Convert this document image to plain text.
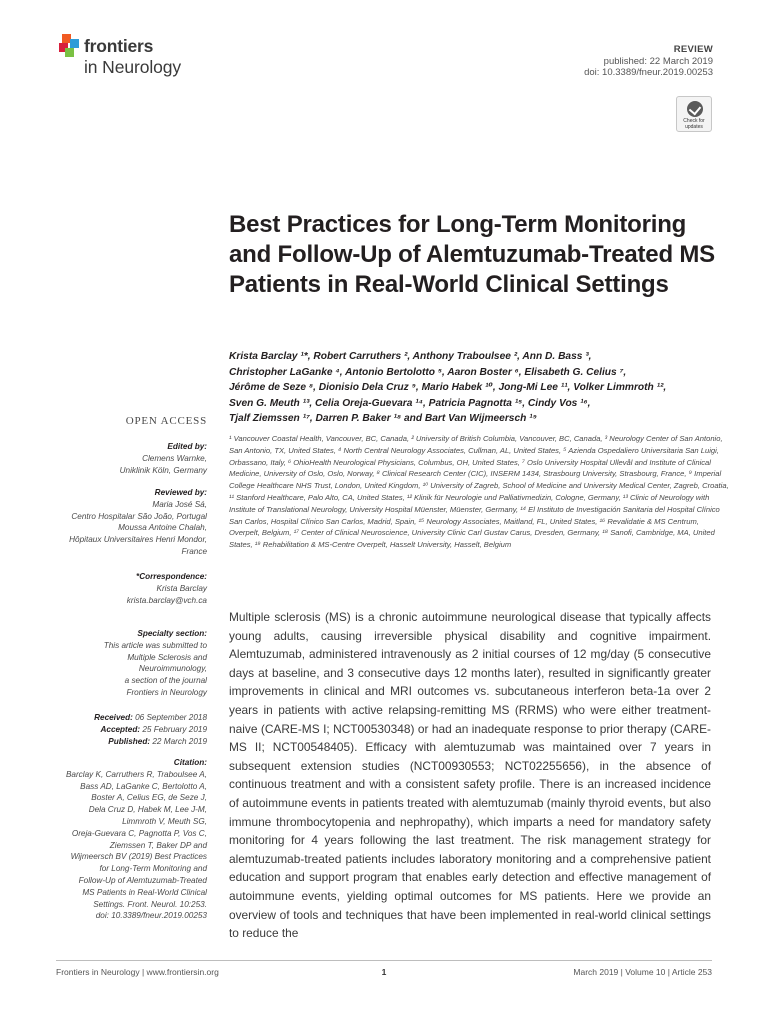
frontiers
in Neurology
REVIEW
published: 22 March 2019
doi: 10.3389/fneur.2019.00253
Check for updates
Best Practices for Long-Term Monitoring and Follow-Up of Alemtuzumab-Treated MS Patients in Real-World Clinical Settings
Krista Barclay ¹*, Robert Carruthers ², Anthony Traboulsee ², Ann D. Bass ³,
Christopher LaGanke ⁴, Antonio Bertolotto ⁵, Aaron Boster ⁶, Elisabeth G. Celius ⁷,
Jérôme de Seze ⁸, Dionisio Dela Cruz ⁹, Mario Habek ¹⁰, Jong-Mi Lee ¹¹, Volker Limmroth ¹²,
Sven G. Meuth ¹³, Celia Oreja-Guevara ¹⁴, Patricia Pagnotta ¹⁵, Cindy Vos ¹⁶,
Tjalf Ziemssen ¹⁷, Darren P. Baker ¹⁸ and Bart Van Wijmeersch ¹⁹
¹ Vancouver Coastal Health, Vancouver, BC, Canada, ² University of British Columbia, Vancouver, BC, Canada, ³ Neurology Center of San Antonio, San Antonio, TX, United States, ⁴ North Central Neurology Associates, Cullman, AL, United States, ⁵ Azienda Ospedaliero Universitaria San Luigi, Orbassano, Italy, ⁶ OhioHealth Neurological Physicians, Columbus, OH, United States, ⁷ Oslo University Hospital Ullevål and Institute of Clinical Medicine, University of Oslo, Oslo, Norway, ⁸ Clinical Research Center (CIC), INSERM 1434, Strasbourg University, Strasbourg, France, ⁹ Imperial College Healthcare NHS Trust, London, United Kingdom, ¹⁰ University of Zagreb, School of Medicine and University Medical Center, Zagreb, Croatia, ¹¹ Stanford Healthcare, Palo Alto, CA, United States, ¹² Klinik für Neurologie und Palliativmedizin, Cologne, Germany, ¹³ Clinic of Neurology with Institute of Translational Neurology, University Hospital Müenster, Müenster, Germany, ¹⁴ El Instituto de Investigación Sanitaria del Hospital Clínico San Carlos, Hospital Clínico San Carlos, Madrid, Spain, ¹⁵ Neurology Associates, Maitland, FL, United States, ¹⁶ Revalidatie & MS Centrum, Overpelt, Belgium, ¹⁷ Center of Clinical Neuroscience, University Clinic Carl Gustav Carus, Dresden, Germany, ¹⁸ Sanofi, Cambridge, MA, United States, ¹⁹ Rehabilitation & MS-Centre Overpelt, Hasselt University, Hasselt, Belgium
OPEN ACCESS
Edited by:
Clemens Warnke,
Uniklinik Köln, Germany
Reviewed by:
Maria José Sá,
Centro Hospitalar São João, Portugal
Moussa Antoine Chalah,
Hôpitaux Universitaires Henri Mondor,
France
*Correspondence:
Krista Barclay
krista.barclay@vch.ca
Specialty section:
This article was submitted to
Multiple Sclerosis and
Neuroimmunology,
a section of the journal
Frontiers in Neurology
Received: 06 September 2018
Accepted: 25 February 2019
Published: 22 March 2019
Citation:
Barclay K, Carruthers R, Traboulsee A,
Bass AD, LaGanke C, Bertolotto A,
Boster A, Celius EG, de Seze J,
Dela Cruz D, Habek M, Lee J-M,
Limmroth V, Meuth SG,
Oreja-Guevara C, Pagnotta P, Vos C,
Ziemssen T, Baker DP and
Wijmeersch BV (2019) Best Practices
for Long-Term Monitoring and
Follow-Up of Alemtuzumab-Treated
MS Patients in Real-World Clinical
Settings. Front. Neurol. 10:253.
doi: 10.3389/fneur.2019.00253

Multiple sclerosis (MS) is a chronic autoimmune neurological disease that typically affects young adults, causing irreversible physical disability and cognitive impairment. Alemtuzumab, administered intravenously as 2 initial courses of 12 mg/day (5 consecutive days at baseline, and 3 consecutive days 12 months later), resulted in significantly greater improvements in clinical and MRI outcomes vs. subcutaneous interferon beta-1a over 2 years in patients with active relapsing-remitting MS (RRMS) who were either treatment-naive (CARE-MS I; NCT00530348) or had an inadequate response to prior therapy (CARE-MS II; NCT00548405). Efficacy with alemtuzumab was maintained over 7 years in subsequent extension studies (NCT00930553; NCT02255656), in the absence of continuous treatment and with a consistent safety profile. There is an increased incidence of autoimmune events in patients treated with alemtuzumab (mainly thyroid events, but also immune thrombocytopenia and nephropathy), which imparts a need for mandatory safety monitoring for 4 years following the last treatment. The risk management strategy for alemtuzumab-treated patients includes laboratory monitoring and a comprehensive patient education and support program that enables early detection and effective management of autoimmune events, yielding optimal outcomes for MS patients. Here we provide an overview of tools and techniques that have been implemented in real-world clinical settings to reduce the

Frontiers in Neurology | www.frontiersin.org	1	March 2019 | Volume 10 | Article 253
